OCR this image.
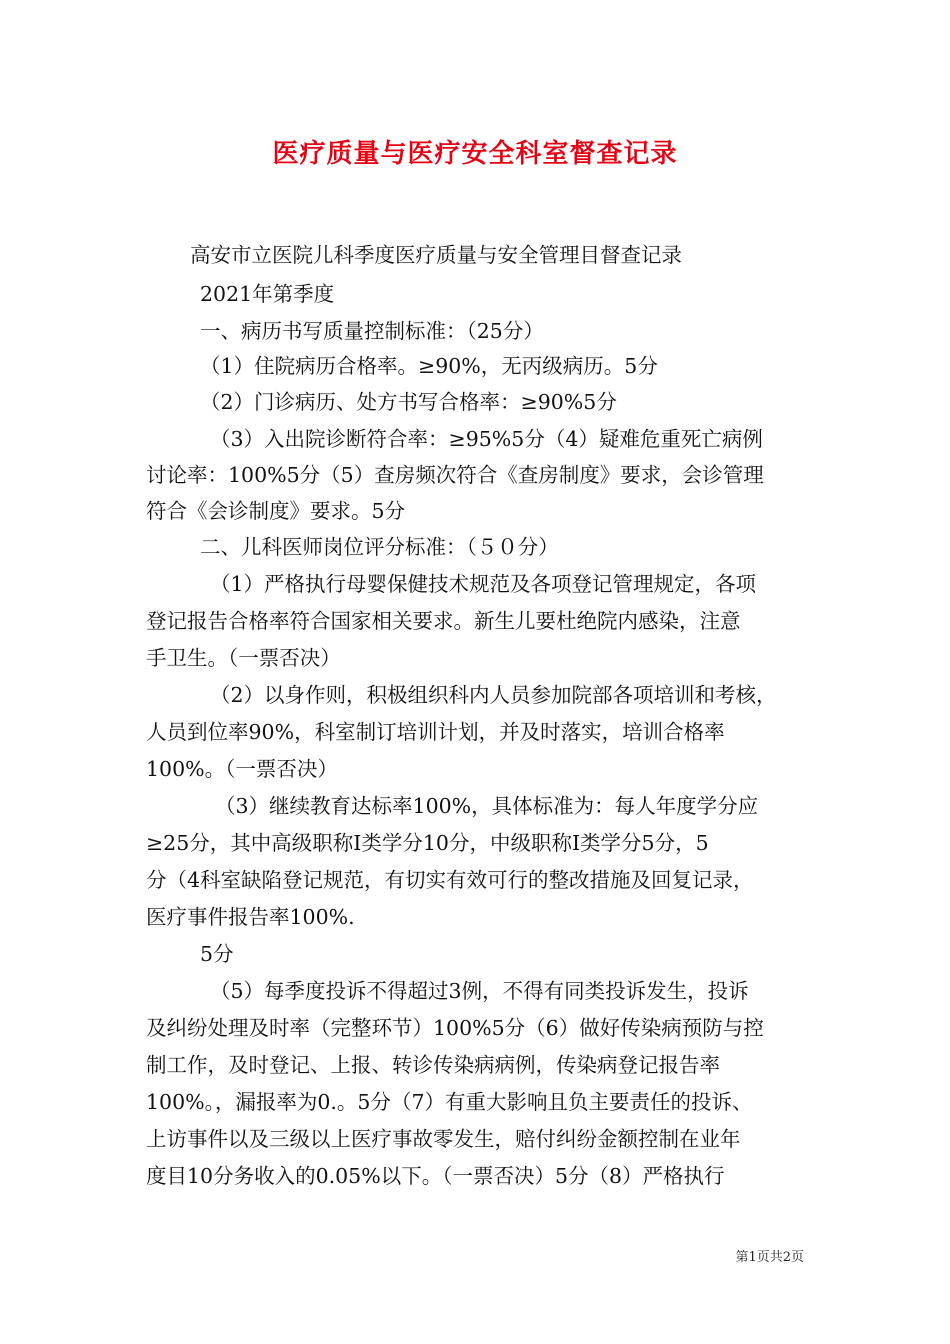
医疗质量与医疗安全科室督查记录
高安市立医院儿科季度医疗质量与安全管理目督查记录
2021年第季度
一、病历书写质量控制标准：（25分）
（1）住院病历合格率。≥90%，无丙级病历。5分
（2）门诊病历、处方书写合格率：≥90%5分
（3）入出院诊断符合率：≥95%5分（4）疑难危重死亡病例
讨论率：100%5分（5）查房频次符合《查房制度》要求，会诊管理
符合《会诊制度》要求。5分
二、儿科医师岗位评分标准：（５０分）
（1）严格执行母婴保健技术规范及各项登记管理规定，各项
登记报告合格率符合国家相关要求。新生儿要杜绝院内感染，注意
手卫生。（一票否决）
（2）以身作则，积极组织科内人员参加院部各项培训和考核，
人员到位率90%，科室制订培训计划，并及时落实，培训合格率
100%。（一票否决）
（3）继续教育达标率100%，具体标准为：每人年度学分应
≥25分，其中高级职称Ⅰ类学分10分，中级职称Ⅰ类学分5分，5
分（4科室缺陷登记规范，有切实有效可行的整改措施及回复记录，
医疗事件报告率100%.
5分
（5）每季度投诉不得超过3例，不得有同类投诉发生，投诉
及纠纷处理及时率（完整环节）100%5分（6）做好传染病预防与控
制工作，及时登记、上报、转诊传染病病例，传染病登记报告率
100%。，漏报率为0.。5分（7）有重大影响且负主要责任的投诉、
上访事件以及三级以上医疗事故零发生，赔付纠纷金额控制在业年
度目10分务收入的0.05%以下。（一票否决）5分（8）严格执行
第1页共2页
